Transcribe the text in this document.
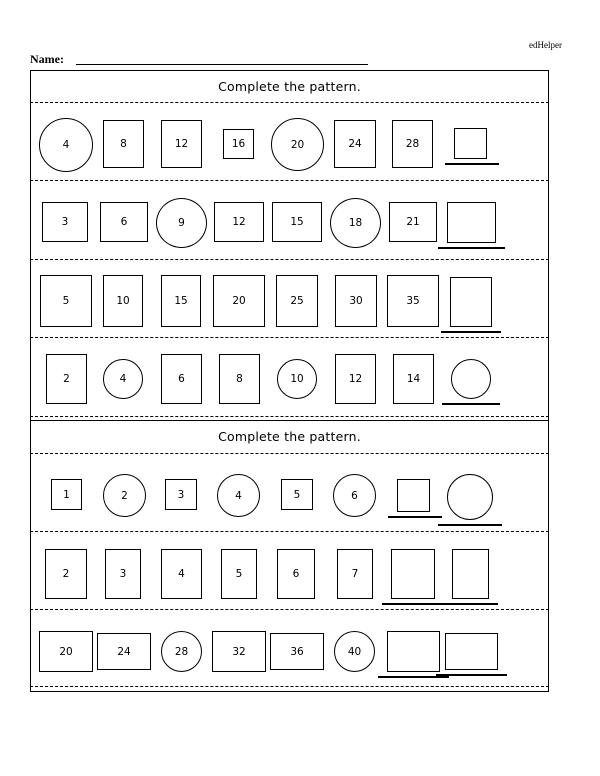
edHelper
Name:
Complete the pattern.
4	8	12	16	20	24	28
3	6	9	12	15	18	21
5	10	15	20	25	30	35
2	4	6	8	10	12	14
Complete the pattern.
1	2	3	4	5	6
2	3	4	5	6	7
20	24	28	32	36	40
